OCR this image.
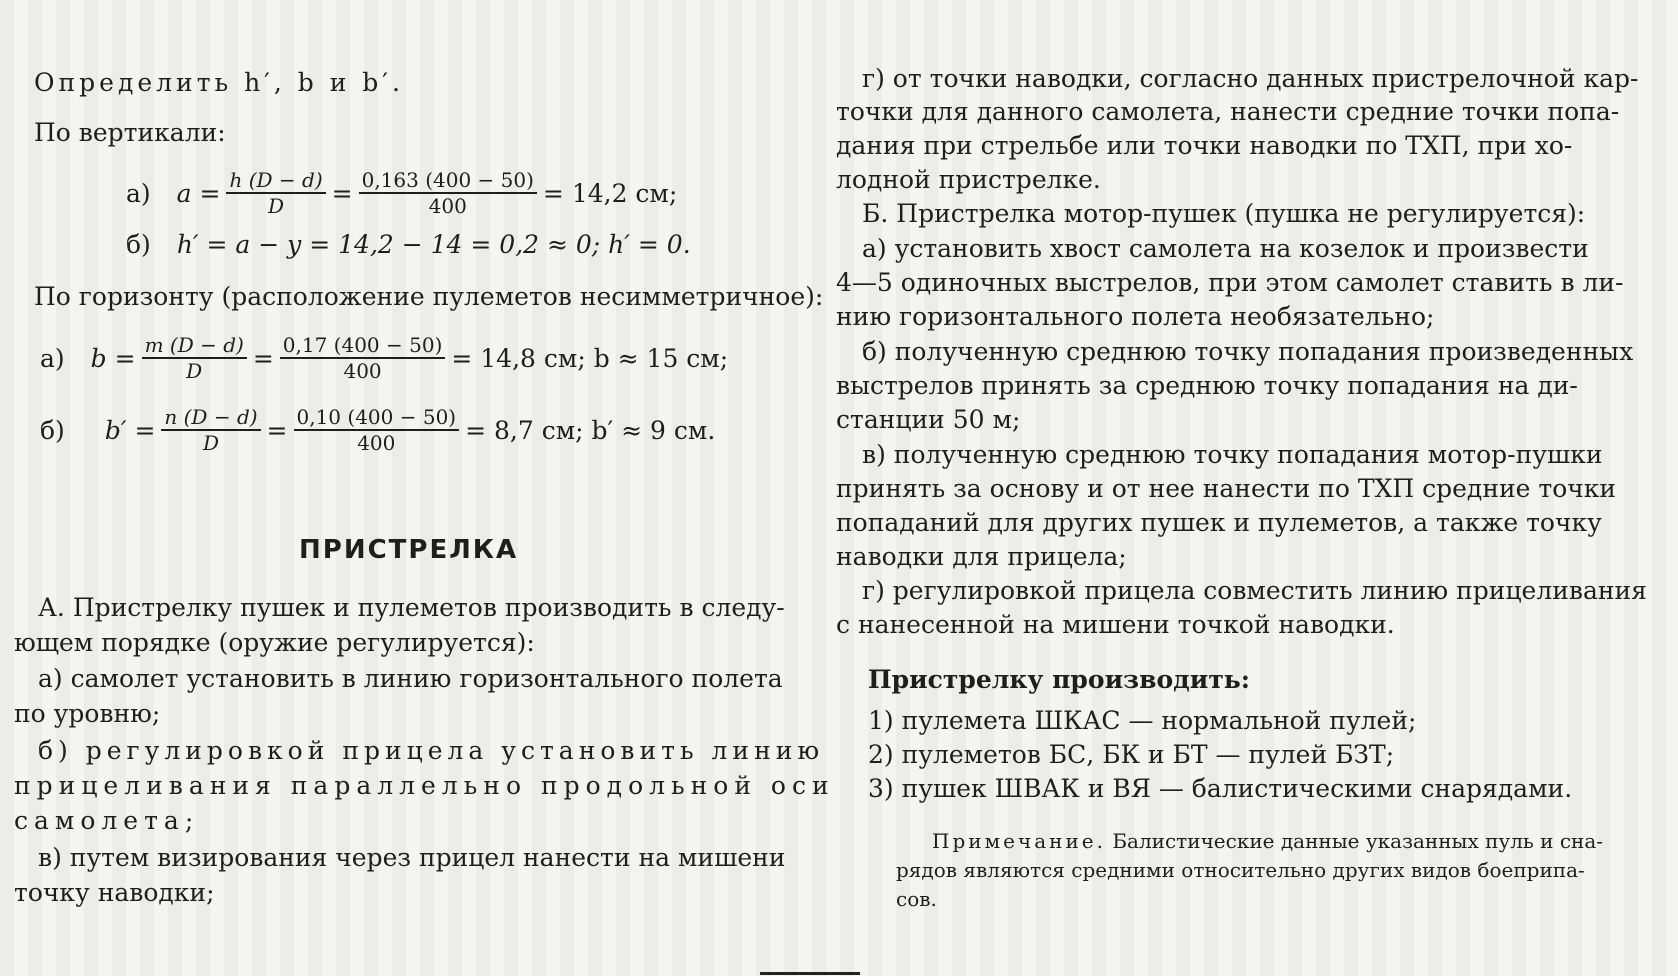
Определить h′, b и b′.
По вертикали:
а) $a = \frac{h (D - d)}{D} = \frac{0,163 (400 - 50)}{400} = 14,2$ см;
б) h′ = a − y = 14,2 − 14 = 0,2 ≈ 0; h′ = 0.
По горизонту (расположение пулеметов несимметричное):
а) $b = \frac{m (D - d)}{D} = \frac{0,17 (400 - 50)}{400} = 14,8$ см; b ≈ 15 см;
б) $b' = \frac{n (D - d)}{D} = \frac{0,10 (400 - 50)}{400} = 8,7$ см; b′ ≈ 9 см.
ПРИСТРЕЛКА
А. Пристрелку пушек и пулеметов производить в следу-
ющем порядке (оружие регулируется):
а) самолет установить в линию горизонтального полета
по уровню;
б) регулировкой прицела установить линию
прицеливания параллельно продольной оси
самолета;
в) путем визирования через прицел нанести на мишени
точку наводки;
г) от точки наводки, согласно данных пристрелочной кар-
точки для данного самолета, нанести средние точки попа-
дания при стрельбе или точки наводки по ТХП, при хо-
лодной пристрелке.
Б. Пристрелка мотор-пушек (пушка не регулируется):
а) установить хвост самолета на козелок и произвести
4—5 одиночных выстрелов, при этом самолет ставить в ли-
нию горизонтального полета необязательно;
б) полученную среднюю точку попадания произведенных
выстрелов принять за среднюю точку попадания на ди-
станции 50 м;
в) полученную среднюю точку попадания мотор-пушки
принять за основу и от нее нанести по ТХП средние точки
попаданий для других пушек и пулеметов, а также точку
наводки для прицела;
г) регулировкой прицела совместить линию прицеливания
с нанесенной на мишени точкой наводки.
Пристрелку производить:
1) пулемета ШКАС — нормальной пулей;
2) пулеметов БС, БК и БТ — пулей БЗТ;
3) пушек ШВАК и ВЯ — балистическими снарядами.
Примечание. Балистические данные указанных пуль и сна-
рядов являются средними относительно других видов боеприпа-
сов.
